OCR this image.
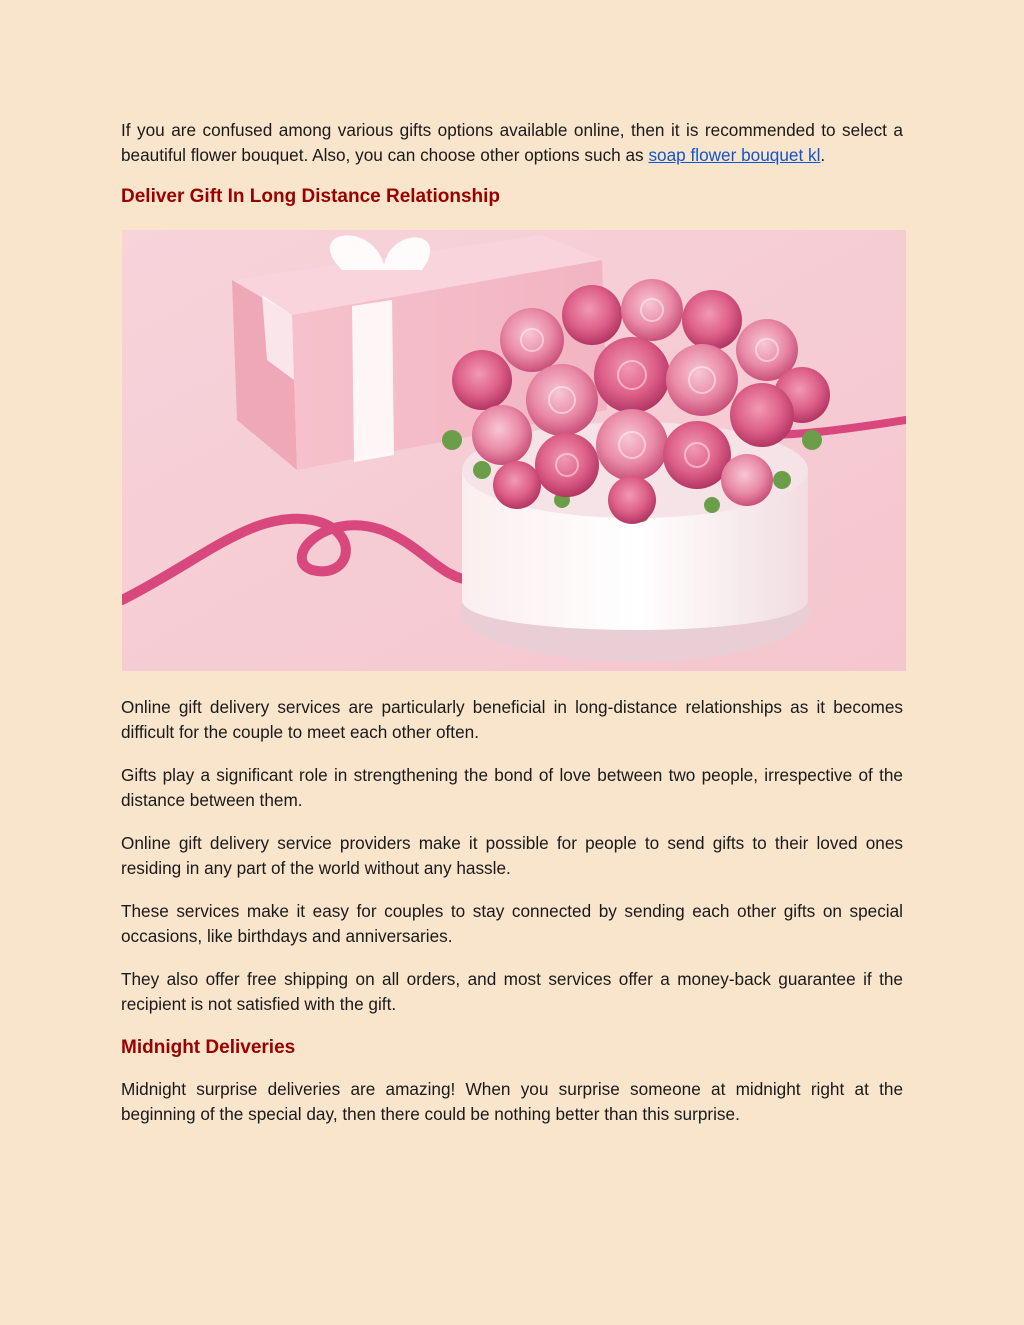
If you are confused among various gifts options available online, then it is recommended to select a beautiful flower bouquet. Also, you can choose other options such as soap flower bouquet kl.

Deliver Gift In Long Distance Relationship

Online gift delivery services are particularly beneficial in long-distance relationships as it becomes difficult for the couple to meet each other often.

Gifts play a significant role in strengthening the bond of love between two people, irrespective of the distance between them.

Online gift delivery service providers make it possible for people to send gifts to their loved ones residing in any part of the world without any hassle.

These services make it easy for couples to stay connected by sending each other gifts on special occasions, like birthdays and anniversaries.

They also offer free shipping on all orders, and most services offer a money-back guarantee if the recipient is not satisfied with the gift.

Midnight Deliveries

Midnight surprise deliveries are amazing! When you surprise someone at midnight right at the beginning of the special day, then there could be nothing better than this surprise.
